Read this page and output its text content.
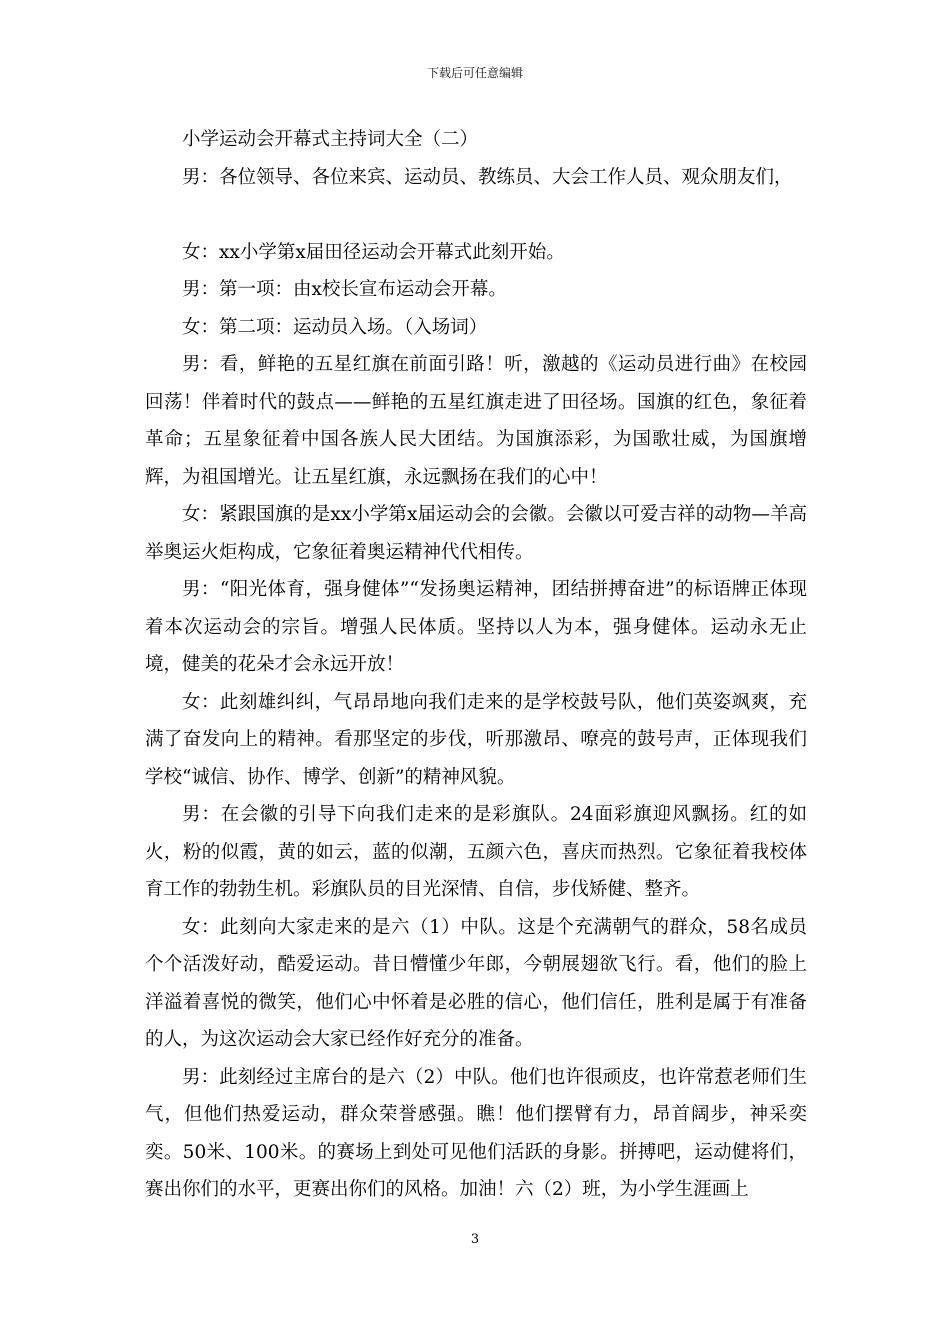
下载后可任意编辑

小学运动会开幕式主持词大全（二）

男：各位领导、各位来宾、运动员、教练员、大会工作人员、观众朋友们，

女：xx小学第x届田径运动会开幕式此刻开始。

男：第一项：由x校长宣布运动会开幕。

女：第二项：运动员入场。（入场词）

男：看，鲜艳的五星红旗在前面引路！听，激越的《运动员进行曲》在校园回荡！伴着时代的鼓点——鲜艳的五星红旗走进了田径场。国旗的红色，象征着革命；五星象征着中国各族人民大团结。为国旗添彩，为国歌壮威，为国旗增辉，为祖国增光。让五星红旗，永远飘扬在我们的心中！

女：紧跟国旗的是xx小学第x届运动会的会徽。会徽以可爱吉祥的动物—羊高举奥运火炬构成，它象征着奥运精神代代相传。

男：“阳光体育，强身健体”“发扬奥运精神，团结拼搏奋进”的标语牌正体现着本次运动会的宗旨。增强人民体质。坚持以人为本，强身健体。运动永无止境，健美的花朵才会永远开放！

女：此刻雄纠纠，气昂昂地向我们走来的是学校鼓号队，他们英姿飒爽，充满了奋发向上的精神。看那坚定的步伐，听那激昂、嘹亮的鼓号声，正体现我们学校“诚信、协作、博学、创新”的精神风貌。

男：在会徽的引导下向我们走来的是彩旗队。24面彩旗迎风飘扬。红的如火，粉的似霞，黄的如云，蓝的似潮，五颜六色，喜庆而热烈。它象征着我校体育工作的勃勃生机。彩旗队员的目光深情、自信，步伐矫健、整齐。

女：此刻向大家走来的是六（1）中队。这是个充满朝气的群众，58名成员个个活泼好动，酷爱运动。昔日懵懂少年郎，今朝展翅欲飞行。看，他们的脸上洋溢着喜悦的微笑，他们心中怀着是必胜的信心，他们信任，胜利是属于有准备的人，为这次运动会大家已经作好充分的准备。

男：此刻经过主席台的是六（2）中队。他们也许很顽皮，也许常惹老师们生气，但他们热爱运动，群众荣誉感强。瞧！他们摆臂有力，昂首阔步，神采奕奕。50米、100米。的赛场上到处可见他们活跃的身影。拼搏吧，运动健将们，赛出你们的水平，更赛出你们的风格。加油！六（2）班，为小学生涯画上

3
